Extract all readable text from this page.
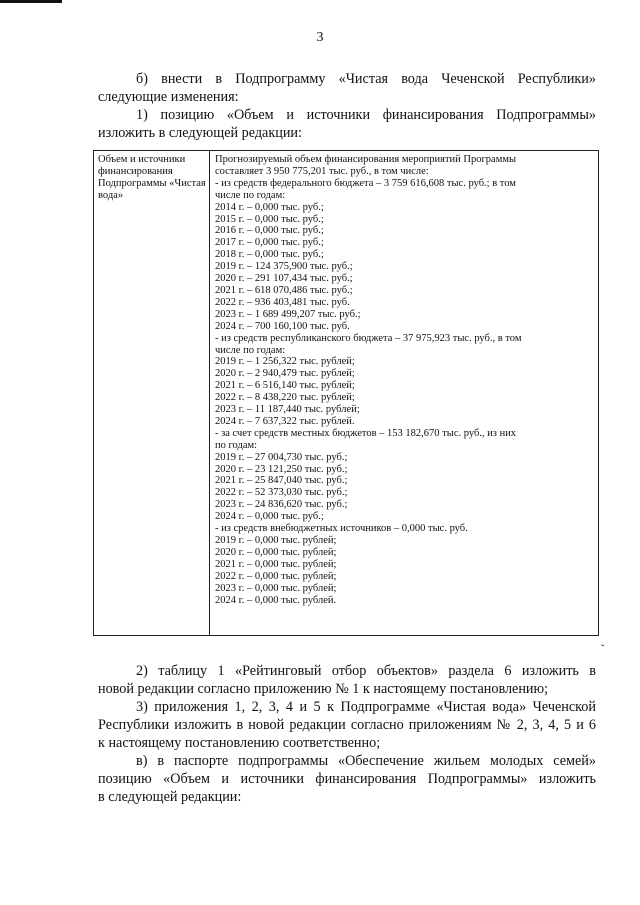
3
б) внести в Подпрограмму «Чистая вода Чеченской Республики»
следующие изменения:
1) позицию «Объем и источники финансирования Подпрограммы»
изложить в следующей редакции:
Объем и источники финансирования Подпрограммы «Чистая вода»
Прогнозируемый объем финансирования мероприятий Программы
составляет 3 950 775,201 тыс. руб., в том числе:
- из средств федерального бюджета – 3 759 616,608 тыс. руб.; в том
числе по годам:
2014 г. – 0,000 тыс. руб.;
2015 г. – 0,000 тыс. руб.;
2016 г. – 0,000 тыс. руб.;
2017 г. – 0,000 тыс. руб.;
2018 г. – 0,000 тыс. руб.;
2019 г. – 124 375,900 тыс. руб.;
2020 г. – 291 107,434 тыс. руб.;
2021 г. – 618 070,486 тыс. руб.;
2022 г. – 936 403,481 тыс. руб.
2023 г. – 1 689 499,207 тыс. руб.;
2024 г. – 700 160,100 тыс. руб.
- из средств республиканского бюджета – 37 975,923 тыс. руб., в том
числе по годам:
2019 г. – 1 256,322 тыс. рублей;
2020 г. – 2 940,479 тыс. рублей;
2021 г. – 6 516,140 тыс. рублей;
2022 г. – 8 438,220 тыс. рублей;
2023 г. – 11 187,440 тыс. рублей;
2024 г. – 7 637,322 тыс. рублей.
- за счет средств местных бюджетов – 153 182,670 тыс. руб., из них
по годам:
2019 г. – 27 004,730 тыс. руб.;
2020 г. – 23 121,250 тыс. руб.;
2021 г. – 25 847,040 тыс. руб.;
2022 г. – 52 373,030 тыс. руб.;
2023 г. – 24 836,620 тыс. руб.;
2024 г. – 0,000 тыс. руб.;
- из средств внебюджетных источников – 0,000 тыс. руб.
2019 г. – 0,000 тыс. рублей;
2020 г. – 0,000 тыс. рублей;
2021 г. – 0,000 тыс. рублей;
2022 г. – 0,000 тыс. рублей;
2023 г. – 0,000 тыс. рублей;
2024 г. – 0,000 тыс. рублей.
ˇ
2) таблицу 1 «Рейтинговый отбор объектов» раздела 6 изложить в
новой редакции согласно приложению № 1 к настоящему постановлению;
3) приложения 1, 2, 3, 4 и 5 к Подпрограмме «Чистая вода» Чеченской
Республики изложить в новой редакции согласно приложениям № 2, 3, 4, 5 и 6
к настоящему постановлению соответственно;
в) в паспорте подпрограммы «Обеспечение жильем молодых семей»
позицию «Объем и источники финансирования Подпрограммы» изложить
в следующей редакции:
